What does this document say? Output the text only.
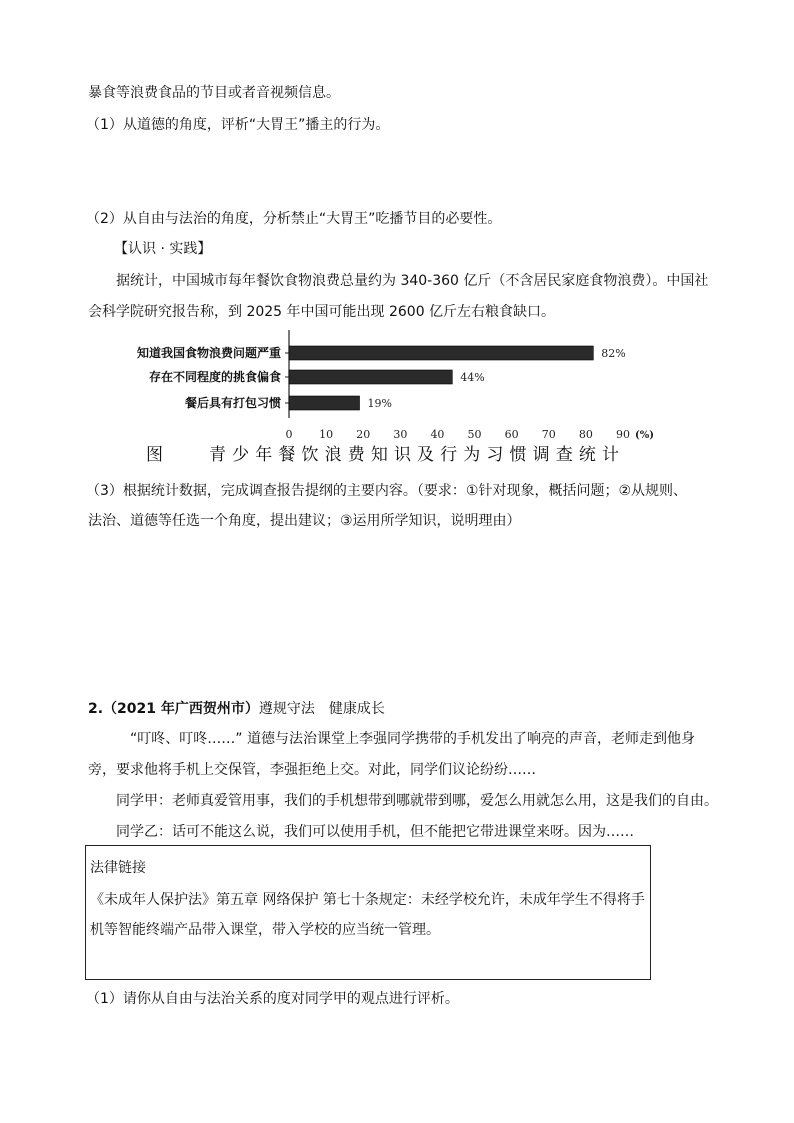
暴食等浪费食品的节目或者音视频信息。
（1）从道德的角度，评析“大胃王”播主的行为。
（2）从自由与法治的角度，分析禁止“大胃王”吃播节目的必要性。
【认识 · 实践】
据统计，中国城市每年餐饮食物浪费总量约为 340-360 亿斤（不含居民家庭食物浪费）。中国社
会科学院研究报告称，到 2025 年中国可能出现 2600 亿斤左右粮食缺口。
知道我国食物浪费问题严重	82%
存在不同程度的挑食偏食	44%
餐后具有打包习惯	19%
0 10 20 30 40 50 60 70 80 90 (%)
图	青少年餐饮浪费知识及行为习惯调查统计
（3）根据统计数据，完成调查报告提纲的主要内容。（要求：①针对现象，概括问题；②从规则、
法治、道德等任选一个角度，提出建议；③运用所学知识，说明理由）
2.（2021 年广西贺州市）遵规守法　健康成长
“叮咚、叮咚……” 道德与法治课堂上李强同学携带的手机发出了响亮的声音，老师走到他身
旁，要求他将手机上交保管，李强拒绝上交。对此，同学们议论纷纷……
同学甲：老师真爱管用事，我们的手机想带到哪就带到哪，爱怎么用就怎么用，这是我们的自由。
同学乙：话可不能这么说，我们可以使用手机，但不能把它带进课堂来呀。因为……
法律链接
《未成年人保护法》第五章 网络保护 第七十条规定：未经学校允许，未成年学生不得将手
机等智能终端产品带入课堂，带入学校的应当统一管理。
（1）请你从自由与法治关系的度对同学甲的观点进行评析。
